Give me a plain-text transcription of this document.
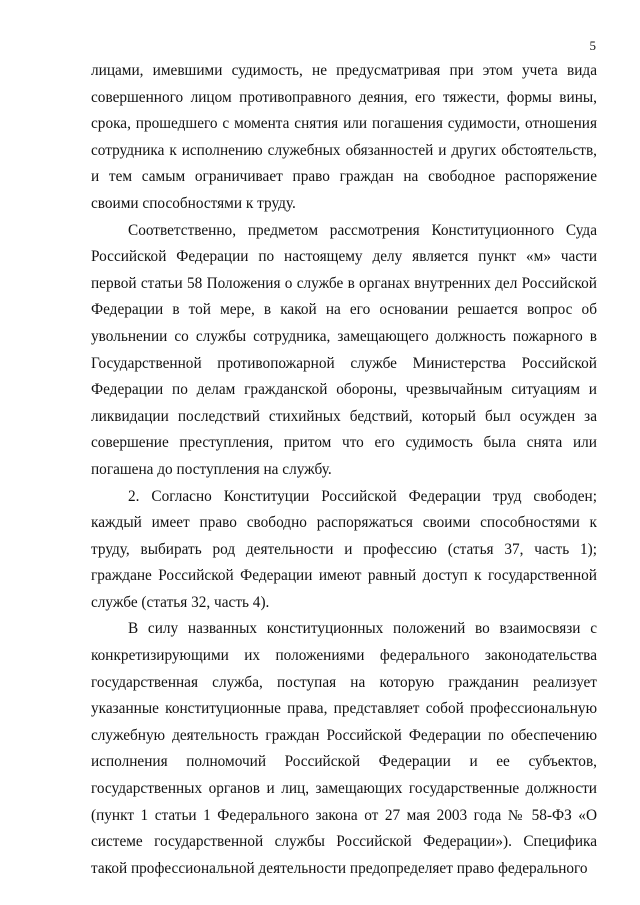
5

лицами, имевшими судимость, не предусматривая при этом учета вида совершенного лицом противоправного деяния, его тяжести, формы вины, срока, прошедшего с момента снятия или погашения судимости, отношения сотрудника к исполнению служебных обязанностей и других обстоятельств, и тем самым ограничивает право граждан на свободное распоряжение своими способностями к труду.

Соответственно, предметом рассмотрения Конституционного Суда Российской Федерации по настоящему делу является пункт «м» части первой статьи 58 Положения о службе в органах внутренних дел Российской Федерации в той мере, в какой на его основании решается вопрос об увольнении со службы сотрудника, замещающего должность пожарного в Государственной противопожарной службе Министерства Российской Федерации по делам гражданской обороны, чрезвычайным ситуациям и ликвидации последствий стихийных бедствий, который был осужден за совершение преступления, притом что его судимость была снята или погашена до поступления на службу.

2. Согласно Конституции Российской Федерации труд свободен; каждый имеет право свободно распоряжаться своими способностями к труду, выбирать род деятельности и профессию (статья 37, часть 1); граждане Российской Федерации имеют равный доступ к государственной службе (статья 32, часть 4).

В силу названных конституционных положений во взаимосвязи с конкретизирующими их положениями федерального законодательства государственная служба, поступая на которую гражданин реализует указанные конституционные права, представляет собой профессиональную служебную деятельность граждан Российской Федерации по обеспечению исполнения полномочий Российской Федерации и ее субъектов, государственных органов и лиц, замещающих государственные должности (пункт 1 статьи 1 Федерального закона от 27 мая 2003 года № 58-ФЗ «О системе государственной службы Российской Федерации»). Специфика такой профессиональной деятельности предопределяет право федерального
